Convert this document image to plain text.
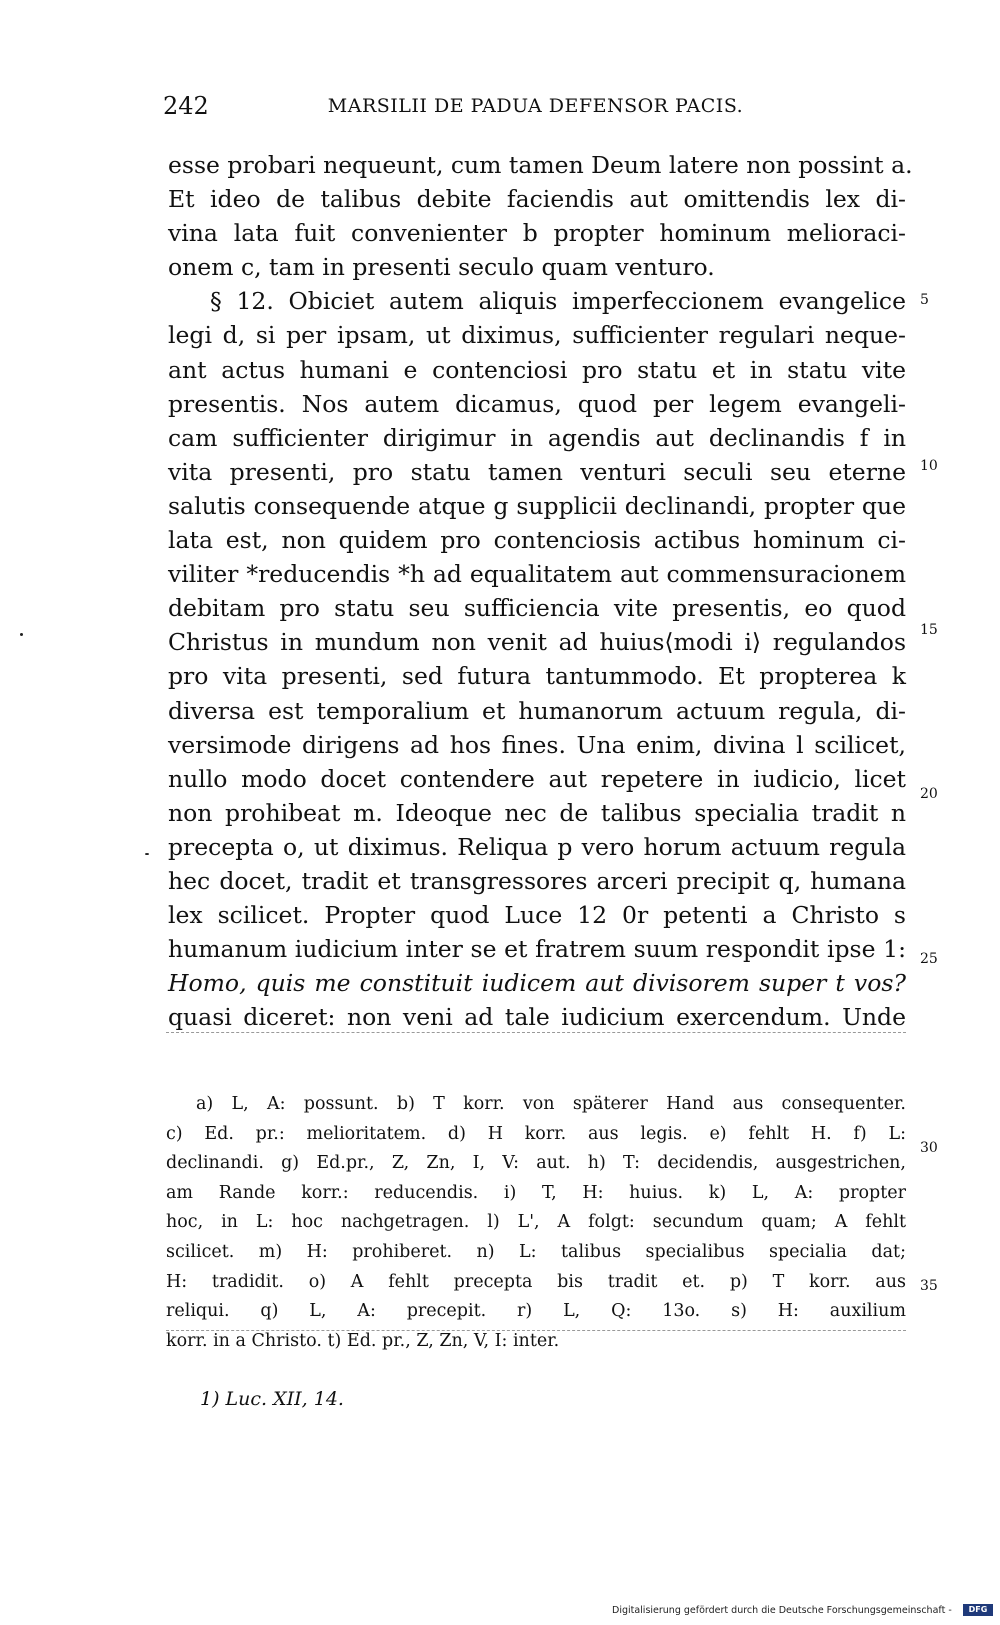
242	MARSILII DE PADUA DEFENSOR PACIS.
esse probari nequeunt, cum tamen Deum latere non possint a.
Et ideo de talibus debite faciendis aut omittendis lex di-
vina lata fuit convenienter b propter hominum melioraci-
onem c, tam in presenti seculo quam venturo.
§ 12. Obiciet autem aliquis imperfeccionem evangelice
legi d, si per ipsam, ut diximus, sufficienter regulari neque-
ant actus humani e contenciosi pro statu et in statu vite
presentis. Nos autem dicamus, quod per legem evangeli-
cam sufficienter dirigimur in agendis aut declinandis f in
vita presenti, pro statu tamen venturi seculi seu eterne
salutis consequende atque g supplicii declinandi, propter que
lata est, non quidem pro contenciosis actibus hominum ci-
viliter *reducendis *h ad equalitatem aut commensuracionem
debitam pro statu seu sufficiencia vite presentis, eo quod
Christus in mundum non venit ad huius⟨modi i⟩ regulandos
pro vita presenti, sed futura tantummodo. Et propterea k
diversa est temporalium et humanorum actuum regula, di-
versimode dirigens ad hos fines. Una enim, divina l scilicet,
nullo modo docet contendere aut repetere in iudicio, licet
non prohibeat m. Ideoque nec de talibus specialia tradit n
precepta o, ut diximus. Reliqua p vero horum actuum regula
hec docet, tradit et transgressores arceri precipit q, humana
lex scilicet. Propter quod Luce 12 0r petenti a Christo s
humanum iudicium inter se et fratrem suum respondit ipse 1:
Homo, quis me constituit iudicem aut divisorem super t vos?
quasi diceret: non veni ad tale iudicium exercendum. Unde
5
10
15
20
25
30
35
a) L, A: possunt. b) T korr. von späterer Hand aus consequenter.
c) Ed. pr.: melioritatem. d) H korr. aus legis. e) fehlt H. f) L:
declinandi. g) Ed.pr., Z, Zn, I, V: aut. h) T: decidendis, ausgestrichen,
am Rande korr.: reducendis. i) T, H: huius. k) L, A: propter
hoc, in L: hoc nachgetragen. l) L', A folgt: secundum quam; A fehlt
scilicet. m) H: prohiberet. n) L: talibus specialibus specialia dat;
H: tradidit. o) A fehlt precepta bis tradit et. p) T korr. aus
reliqui. q) L, A: precepit. r) L, Q: 13o. s) H: auxilium
korr. in a Christo. t) Ed. pr., Z, Zn, V, I: inter.
1) Luc. XII, 14.
Digitalisierung gefördert durch die Deutsche Forschungsgemeinschaft -	DFG
